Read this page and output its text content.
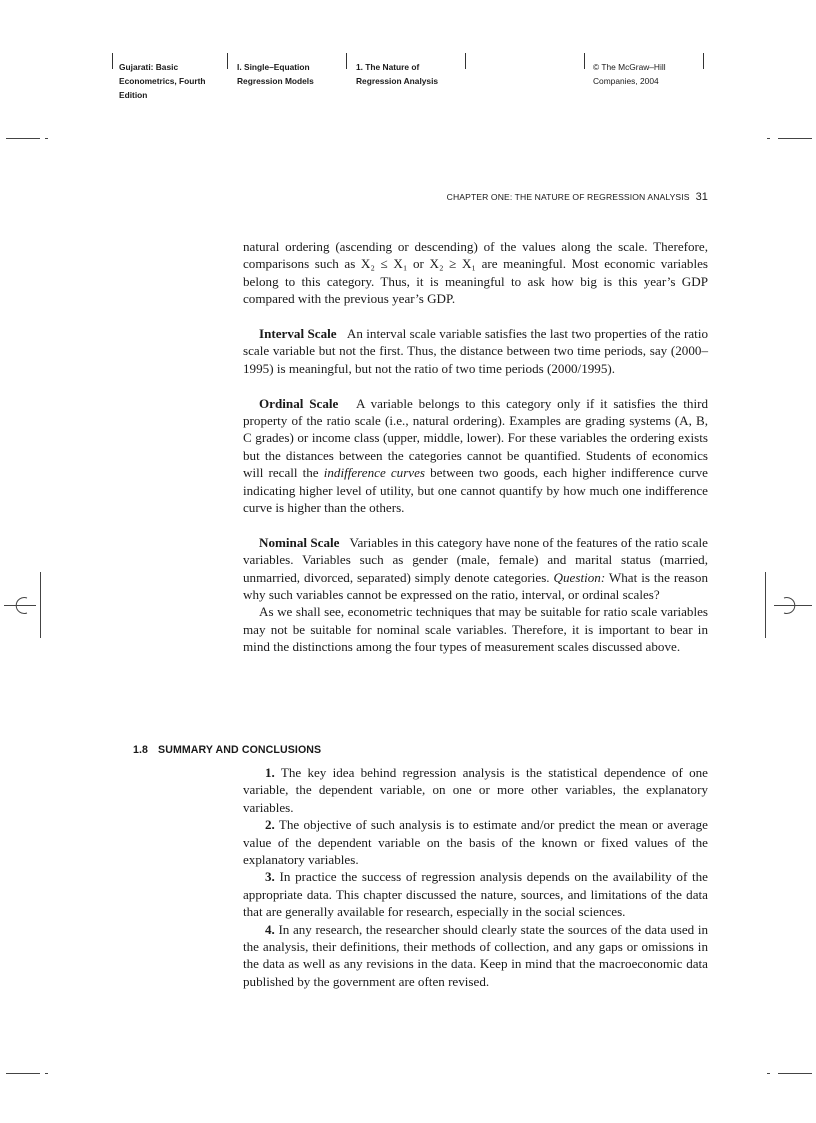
Gujarati: Basic
Econometrics, Fourth
Edition
I. Single–Equation
Regression Models
1. The Nature of
Regression Analysis
© The McGraw–Hill
Companies, 2004
CHAPTER ONE: THE NATURE OF REGRESSION ANALYSIS 31

natural ordering (ascending or descending) of the values along the scale. Therefore, comparisons such as X₂ ≤ X₁ or X₂ ≥ X₁ are meaningful. Most economic variables belong to this category. Thus, it is meaningful to ask how big is this year’s GDP compared with the previous year’s GDP.

Interval Scale An interval scale variable satisfies the last two properties of the ratio scale variable but not the first. Thus, the distance between two time periods, say (2000–1995) is meaningful, but not the ratio of two time periods (2000/1995).

Ordinal Scale A variable belongs to this category only if it satisfies the third property of the ratio scale (i.e., natural ordering). Examples are grading systems (A, B, C grades) or income class (upper, middle, lower). For these variables the ordering exists but the distances between the categories cannot be quantified. Students of economics will recall the indifference curves between two goods, each higher indifference curve indicating higher level of utility, but one cannot quantify by how much one indifference curve is higher than the others.

Nominal Scale Variables in this category have none of the features of the ratio scale variables. Variables such as gender (male, female) and marital status (married, unmarried, divorced, separated) simply denote categories. Question: What is the reason why such variables cannot be expressed on the ratio, interval, or ordinal scales?

As we shall see, econometric techniques that may be suitable for ratio scale variables may not be suitable for nominal scale variables. Therefore, it is important to bear in mind the distinctions among the four types of measurement scales discussed above.

1.8 SUMMARY AND CONCLUSIONS

1. The key idea behind regression analysis is the statistical dependence of one variable, the dependent variable, on one or more other variables, the explanatory variables.

2. The objective of such analysis is to estimate and/or predict the mean or average value of the dependent variable on the basis of the known or fixed values of the explanatory variables.

3. In practice the success of regression analysis depends on the availability of the appropriate data. This chapter discussed the nature, sources, and limitations of the data that are generally available for research, especially in the social sciences.

4. In any research, the researcher should clearly state the sources of the data used in the analysis, their definitions, their methods of collection, and any gaps or omissions in the data as well as any revisions in the data. Keep in mind that the macroeconomic data published by the government are often revised.
